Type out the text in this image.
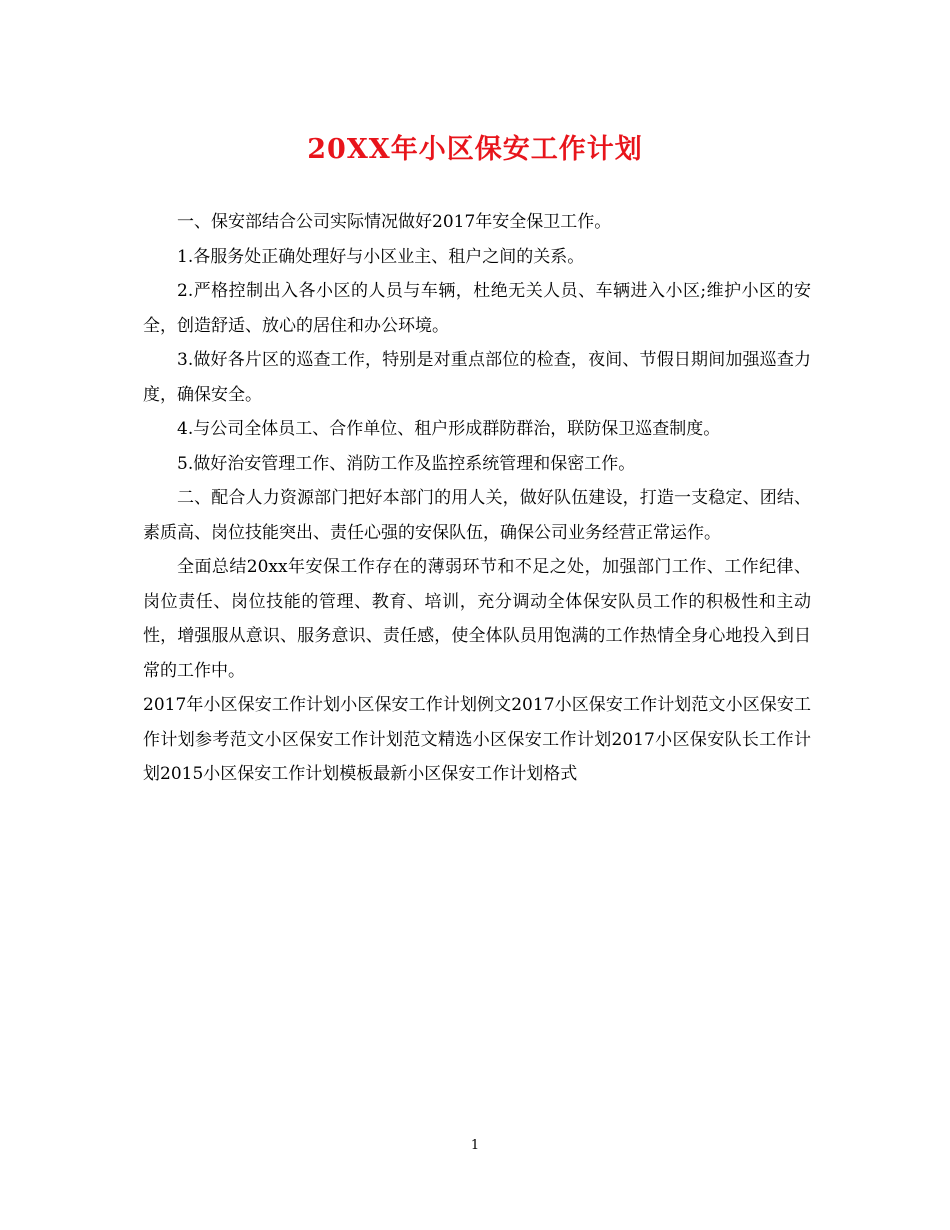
20XX年小区保安工作计划

一、保安部结合公司实际情况做好2017年安全保卫工作。

1.各服务处正确处理好与小区业主、租户之间的关系。

2.严格控制出入各小区的人员与车辆，杜绝无关人员、车辆进入小区;维护小区的安全，创造舒适、放心的居住和办公环境。

3.做好各片区的巡查工作，特别是对重点部位的检查，夜间、节假日期间加强巡查力度，确保安全。

4.与公司全体员工、合作单位、租户形成群防群治，联防保卫巡查制度。

5.做好治安管理工作、消防工作及监控系统管理和保密工作。

二、配合人力资源部门把好本部门的用人关，做好队伍建设，打造一支稳定、团结、素质高、岗位技能突出、责任心强的安保队伍，确保公司业务经营正常运作。

全面总结20xx年安保工作存在的薄弱环节和不足之处，加强部门工作、工作纪律、岗位责任、岗位技能的管理、教育、培训，充分调动全体保安队员工作的积极性和主动性，增强服从意识、服务意识、责任感，使全体队员用饱满的工作热情全身心地投入到日常的工作中。

2017年小区保安工作计划小区保安工作计划例文2017小区保安工作计划范文小区保安工作计划参考范文小区保安工作计划范文精选小区保安工作计划2017小区保安队长工作计划2015小区保安工作计划模板最新小区保安工作计划格式

1
